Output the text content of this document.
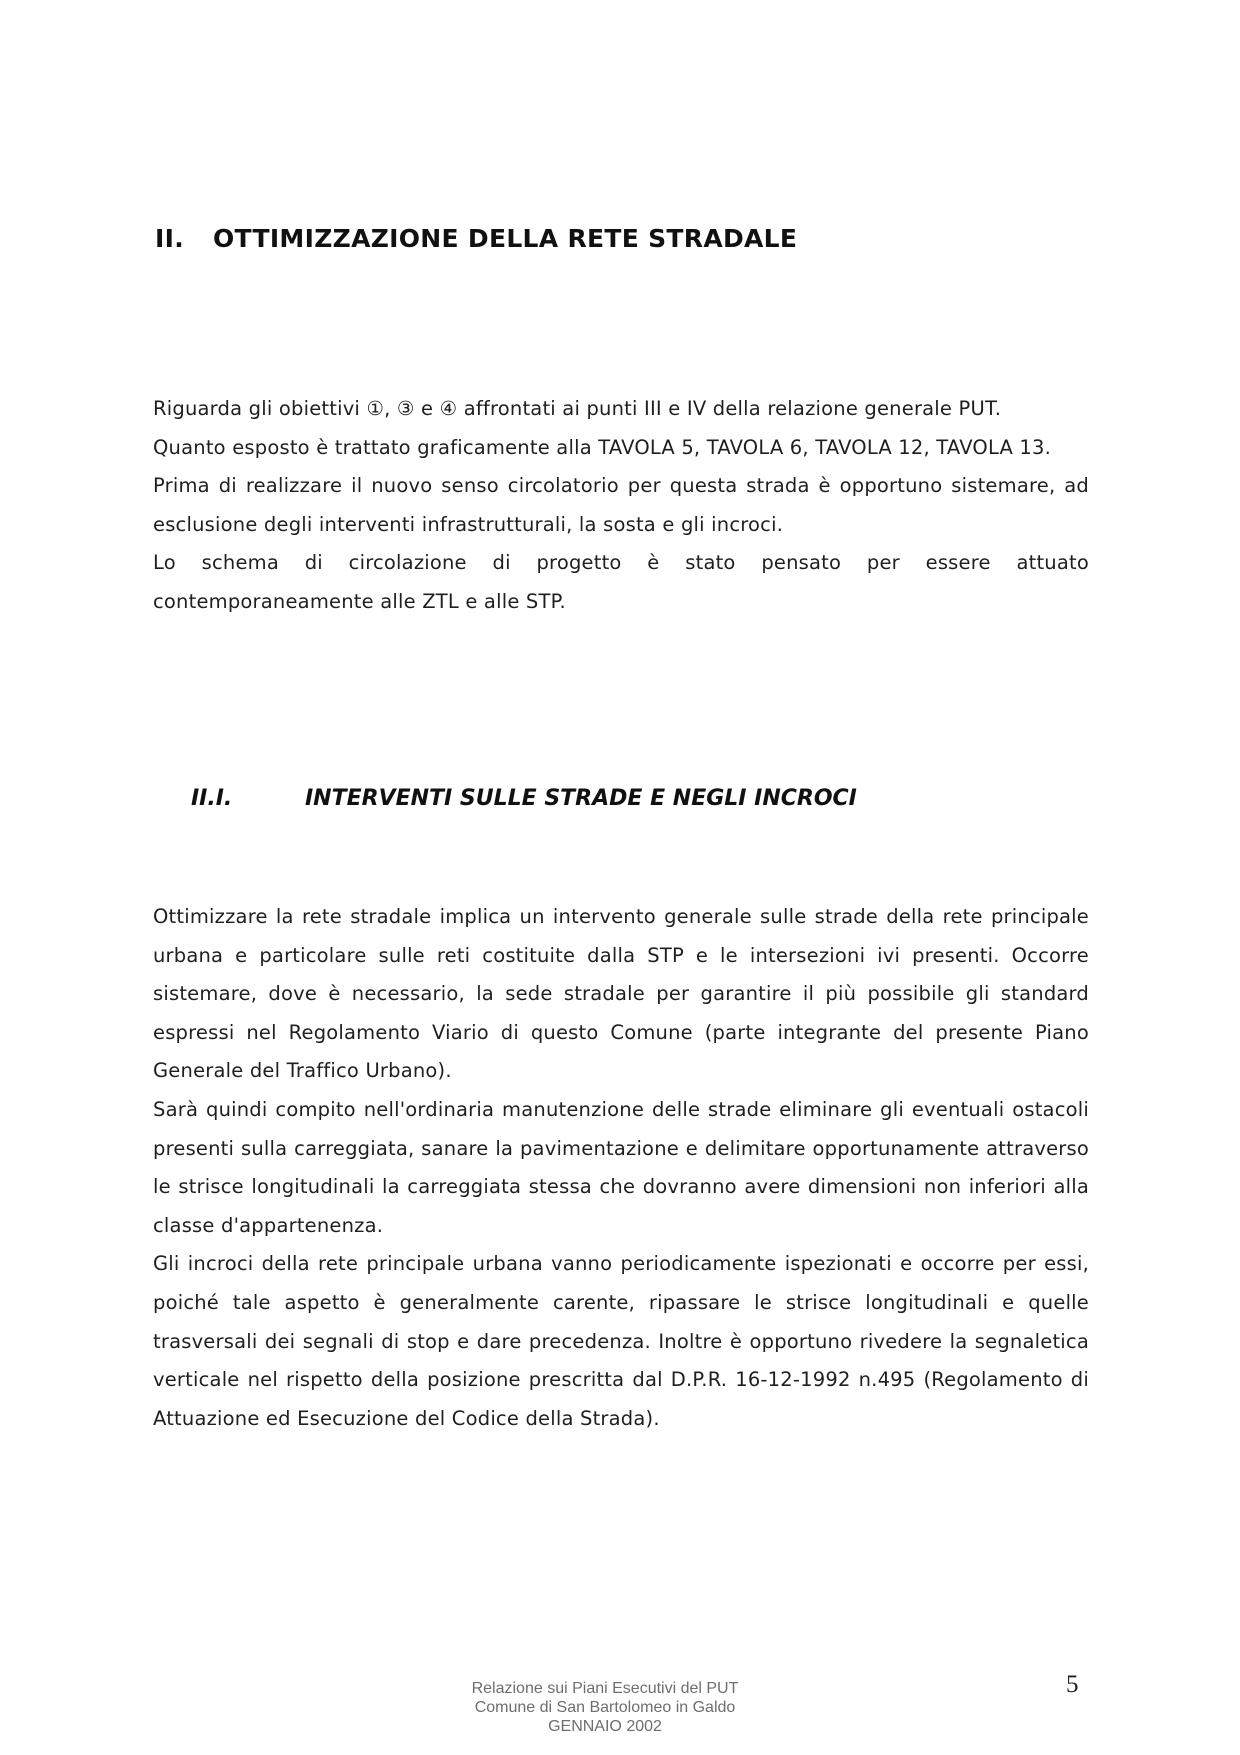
II. OTTIMIZZAZIONE DELLA RETE STRADALE

Riguarda gli obiettivi ①, ③ e ④ affrontati ai punti III e IV della relazione generale PUT.

Quanto esposto è trattato graficamente alla TAVOLA 5, TAVOLA 6, TAVOLA 12, TAVOLA 13.

Prima di realizzare il nuovo senso circolatorio per questa strada è opportuno sistemare, ad esclusione degli interventi infrastrutturali, la sosta e gli incroci.

Lo schema di circolazione di progetto è stato pensato per essere attuato contemporaneamente alle ZTL e alle STP.

II.I.	INTERVENTI SULLE STRADE E NEGLI INCROCI

Ottimizzare la rete stradale implica un intervento generale sulle strade della rete principale urbana e particolare sulle reti costituite dalla STP e le intersezioni ivi presenti. Occorre sistemare, dove è necessario, la sede stradale per garantire il più possibile gli standard espressi nel Regolamento Viario di questo Comune (parte integrante del presente Piano Generale del Traffico Urbano).

Sarà quindi compito nell'ordinaria manutenzione delle strade eliminare gli eventuali ostacoli presenti sulla carreggiata, sanare la pavimentazione e delimitare opportunamente attraverso le strisce longitudinali la carreggiata stessa che dovranno avere dimensioni non inferiori alla classe d'appartenenza.

Gli incroci della rete principale urbana vanno periodicamente ispezionati e occorre per essi, poiché tale aspetto è generalmente carente, ripassare le strisce longitudinali e quelle trasversali dei segnali di stop e dare precedenza. Inoltre è opportuno rivedere la segnaletica verticale nel rispetto della posizione prescritta dal D.P.R. 16-12-1992 n.495 (Regolamento di Attuazione ed Esecuzione del Codice della Strada).

Relazione sui Piani Esecutivi del PUT
Comune di San Bartolomeo in Galdo
GENNAIO 2002
5
